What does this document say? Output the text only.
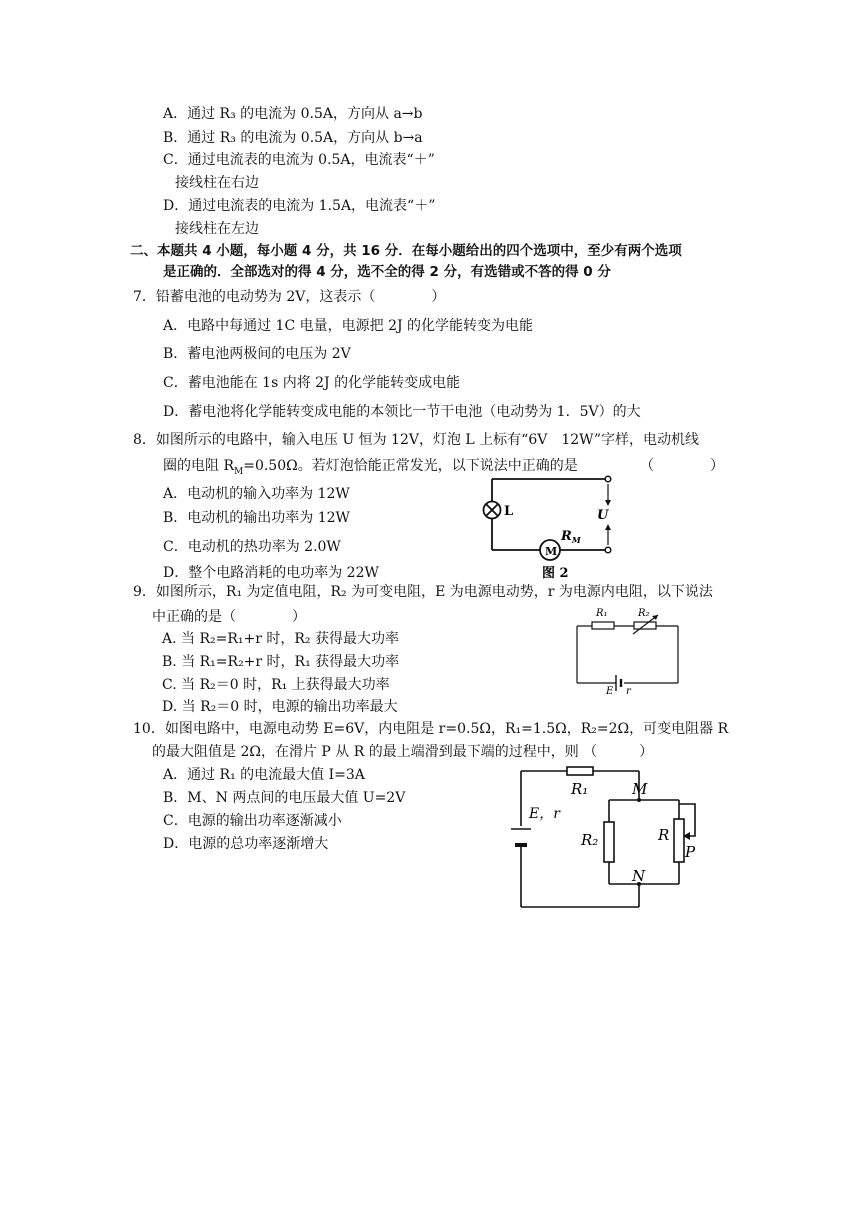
A．通过 R₃ 的电流为 0.5A，方向从 a→b
B．通过 R₃ 的电流为 0.5A，方向从 b→a
C．通过电流表的电流为 0.5A，电流表“＋”
接线柱在右边
D．通过电流表的电流为 1.5A，电流表“＋”
接线柱在左边
二、本题共 4 小题，每小题 4 分，共 16 分．在每小题给出的四个选项中，至少有两个选项
是正确的．全部选对的得 4 分，选不全的得 2 分，有选错或不答的得 0 分
7．铅蓄电池的电动势为 2V，这表示（　　　　）
A．电路中每通过 1C 电量，电源把 2J 的化学能转变为电能
B．蓄电池两极间的电压为 2V
C．蓄电池能在 1s 内将 2J 的化学能转变成电能
D．蓄电池将化学能转变成电能的本领比一节干电池（电动势为 1．5V）的大
8．如图所示的电路中，输入电压 U 恒为 12V，灯泡 L 上标有“6V　12W”字样，电动机线
圈的电阻 $R_M=0.50\Omega$。若灯泡恰能正常发光，以下说法中正确的是	（　　　　）
A．电动机的输入功率为 12W
B．电动机的输出功率为 12W
C．电动机的热功率为 2.0W
D．整个电路消耗的电功率为 22W
L	U
M
$R_M$
图 2
9．如图所示，R₁ 为定值电阻，R₂ 为可变电阻，E 为电源电动势，r 为电源内电阻，以下说法
中正确的是（　　　　）
A. 当 R₂=R₁+r 时，R₂ 获得最大功率
B. 当 R₁=R₂+r 时，R₁ 获得最大功率
C. 当 R₂＝0 时，R₁ 上获得最大功率
D. 当 R₂＝0 时，电源的输出功率最大
R₁	R₂
E r
10．如图电路中，电源电动势 E=6V，内电阻是 r=0.5Ω，R₁=1.5Ω，R₂=2Ω，可变电阻器 R
的最大阻值是 2Ω，在滑片 P 从 R 的最上端滑到最下端的过程中，则 （　　　）
A．通过 R₁ 的电流最大值 I=3A
B．M、N 两点间的电压最大值 U=2V
C．电源的输出功率逐渐减小
D．电源的总功率逐渐增大
R₁	M
R₂	R
P
N
E，r
